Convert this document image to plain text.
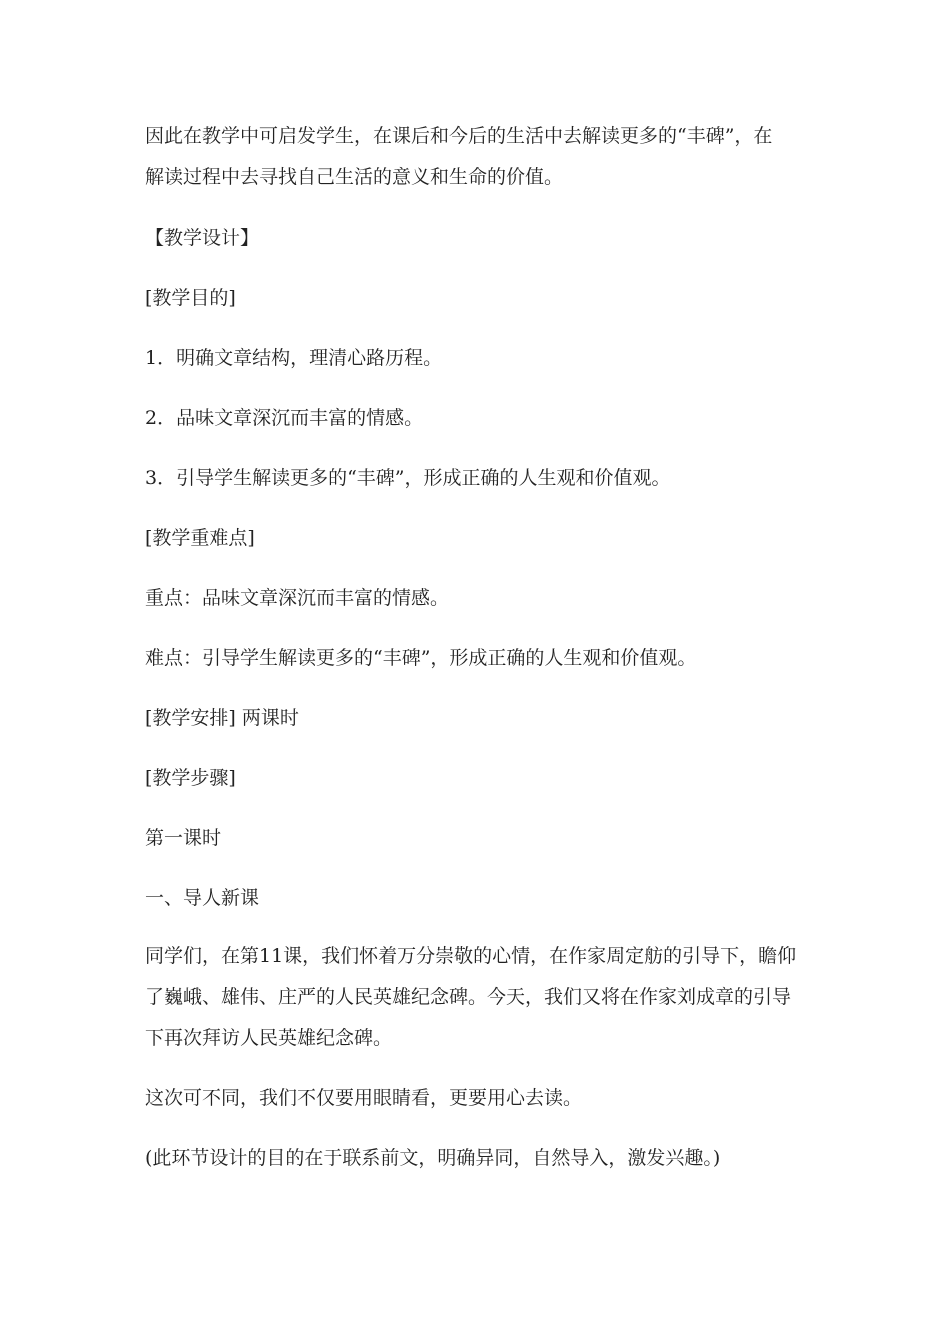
因此在教学中可启发学生，在课后和今后的生活中去解读更多的“丰碑”，在
解读过程中去寻找自己生活的意义和生命的价值。
【教学设计】
[教学目的]
1．明确文章结构，理清心路历程。
2．品味文章深沉而丰富的情感。
3．引导学生解读更多的“丰碑”，形成正确的人生观和价值观。
[教学重难点]
重点：品味文章深沉而丰富的情感。
难点：引导学生解读更多的“丰碑”，形成正确的人生观和价值观。
[教学安排] 两课时
[教学步骤]
第一课时
一、导人新课
同学们，在第11课，我们怀着万分崇敬的心情，在作家周定舫的引导下，瞻仰
了巍峨、雄伟、庄严的人民英雄纪念碑。今天，我们又将在作家刘成章的引导
下再次拜访人民英雄纪念碑。
这次可不同，我们不仅要用眼睛看，更要用心去读。
(此环节设计的目的在于联系前文，明确异同，自然导入，激发兴趣。)
